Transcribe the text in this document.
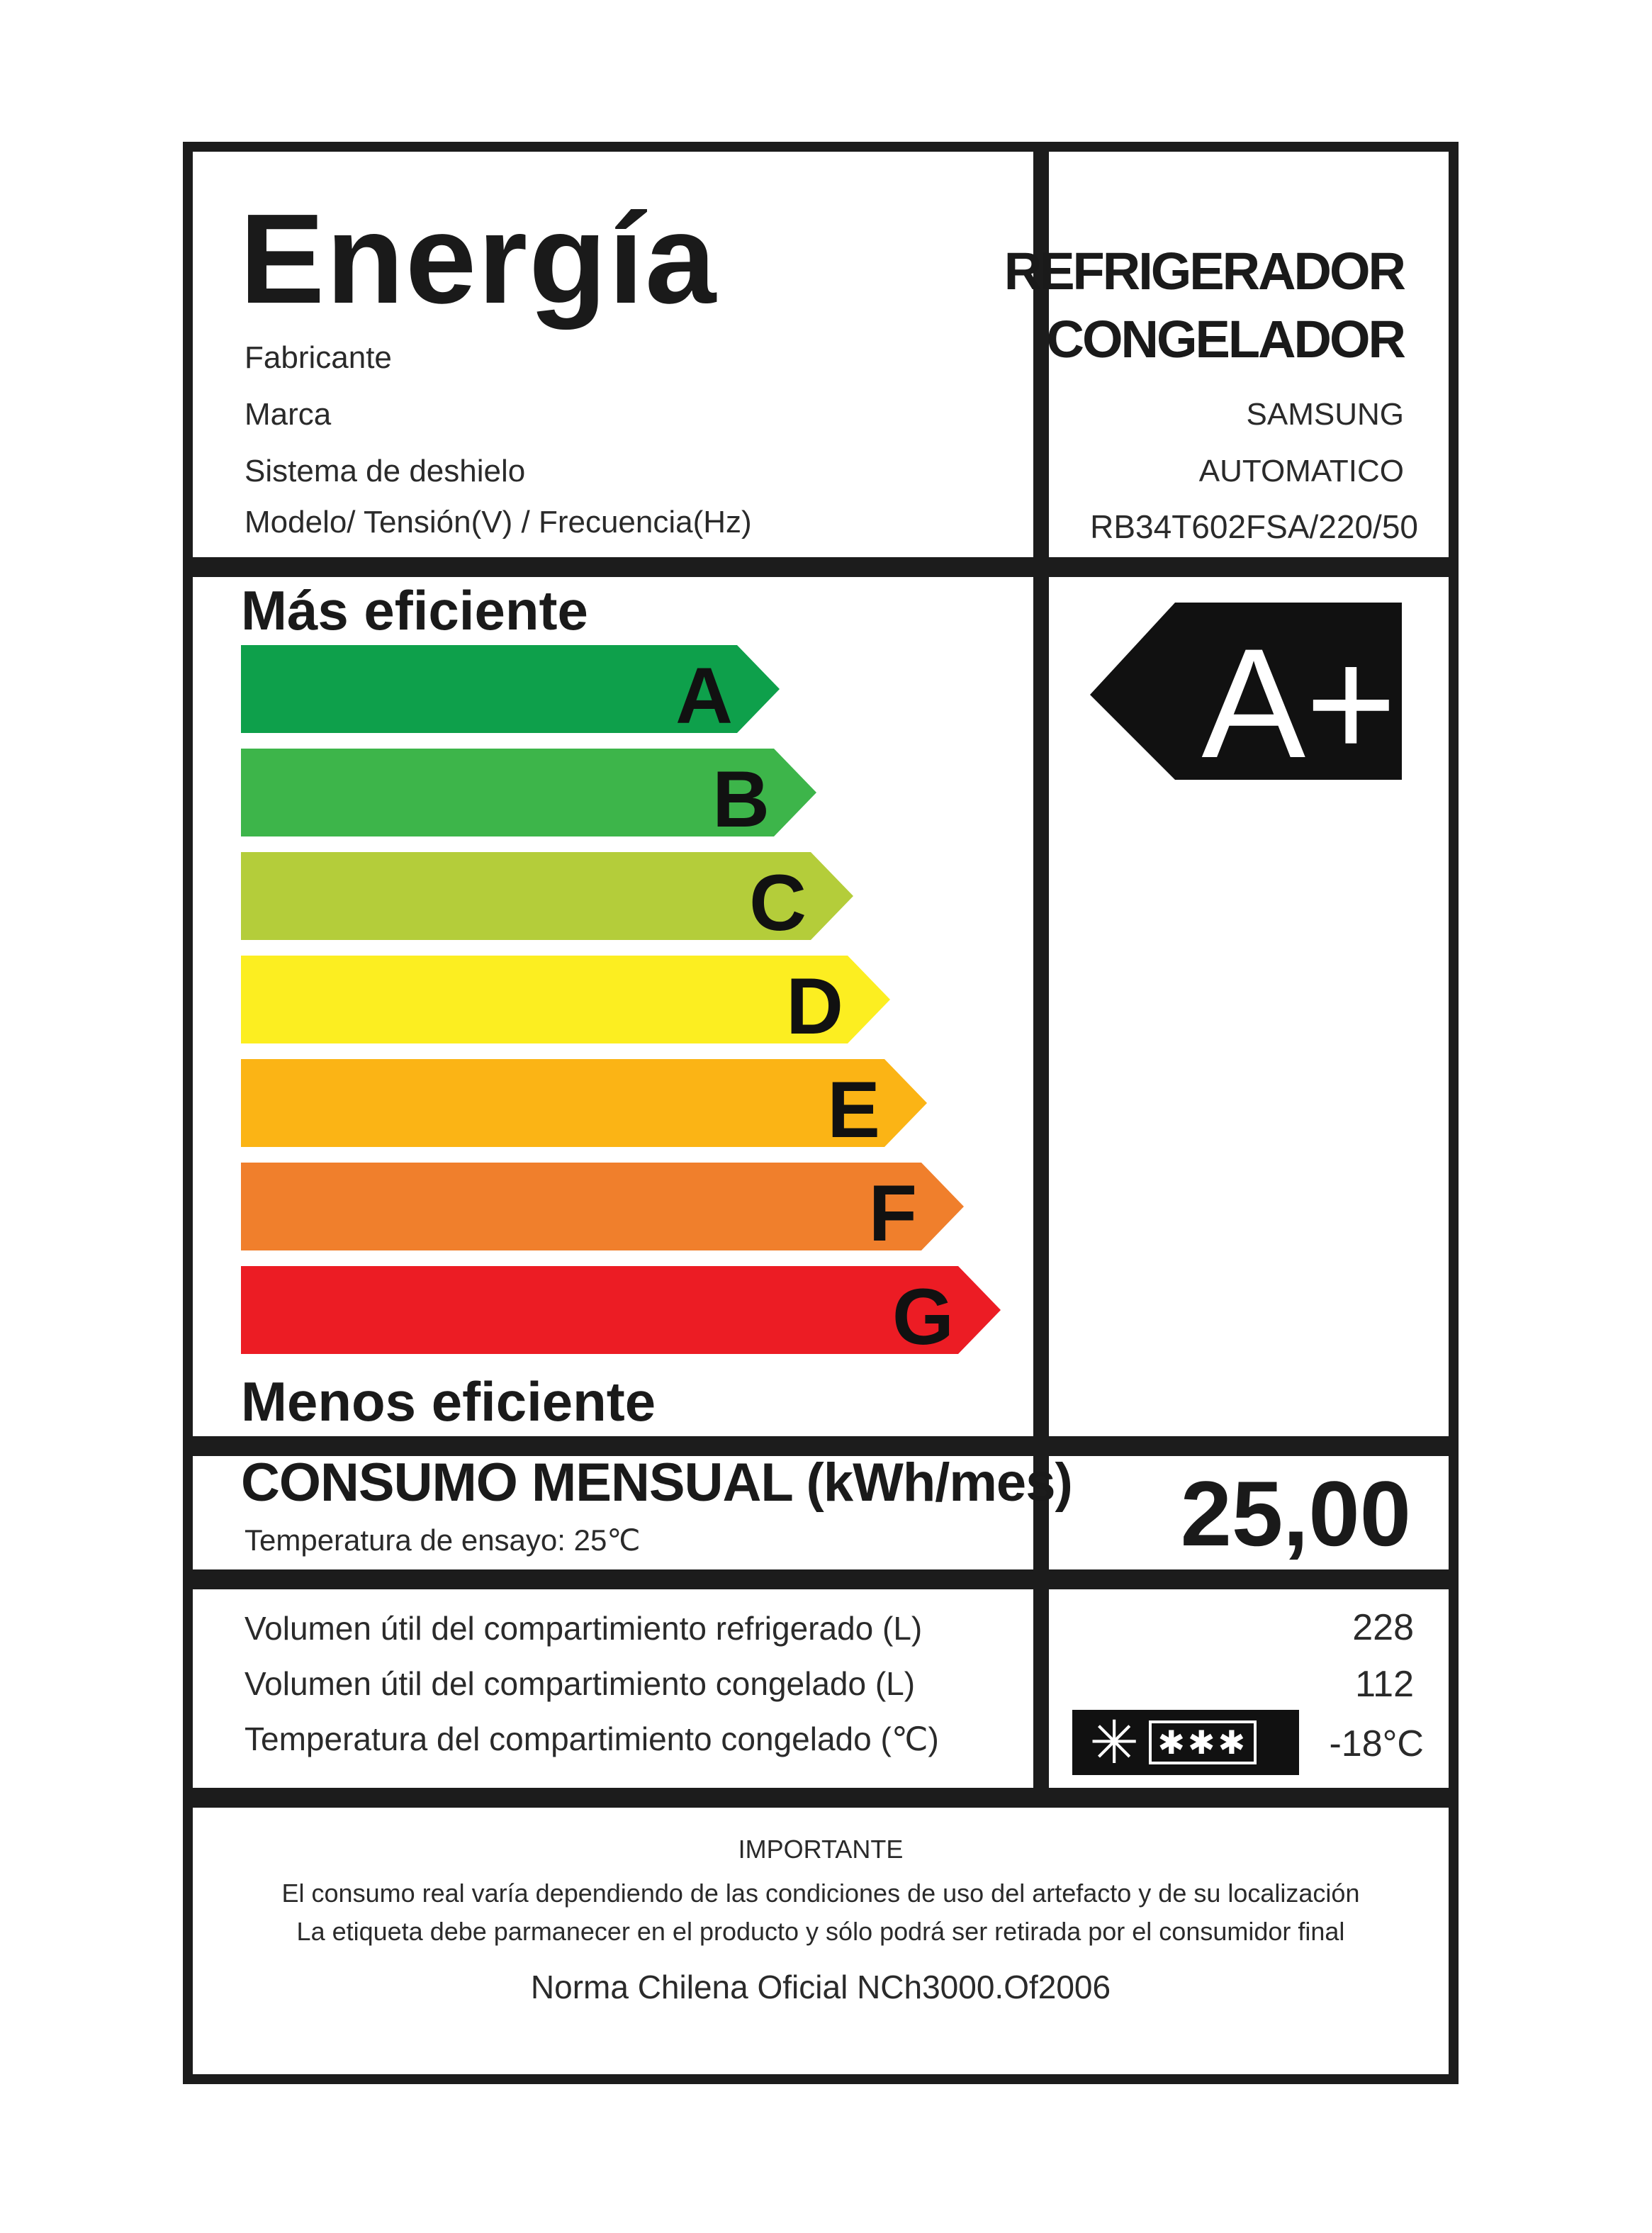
Energía
Fabricante
Marca
Sistema de deshielo
Modelo/ Tensión(V) / Frecuencia(Hz)
REFRIGERADOR
CONGELADOR
SAMSUNG
AUTOMATICO
RB34T602FSA/220/50
Más eficiente
A
B
C
D
E
F
G
Menos eficiente
A+
CONSUMO MENSUAL (kWh/mes)
Temperatura de ensayo: 25℃	25,00
Volumen útil del compartimiento refrigerado (L)
Volumen útil del compartimiento congelado (L)
Temperatura del compartimiento congelado (℃)
228
112
-18°C
✳ ✱✱✱
IMPORTANTE
El consumo real varía dependiendo de las condiciones de uso del artefacto y de su localización
La etiqueta debe parmanecer en el producto y sólo podrá ser retirada por el consumidor final
Norma Chilena Oficial NCh3000.Of2006
